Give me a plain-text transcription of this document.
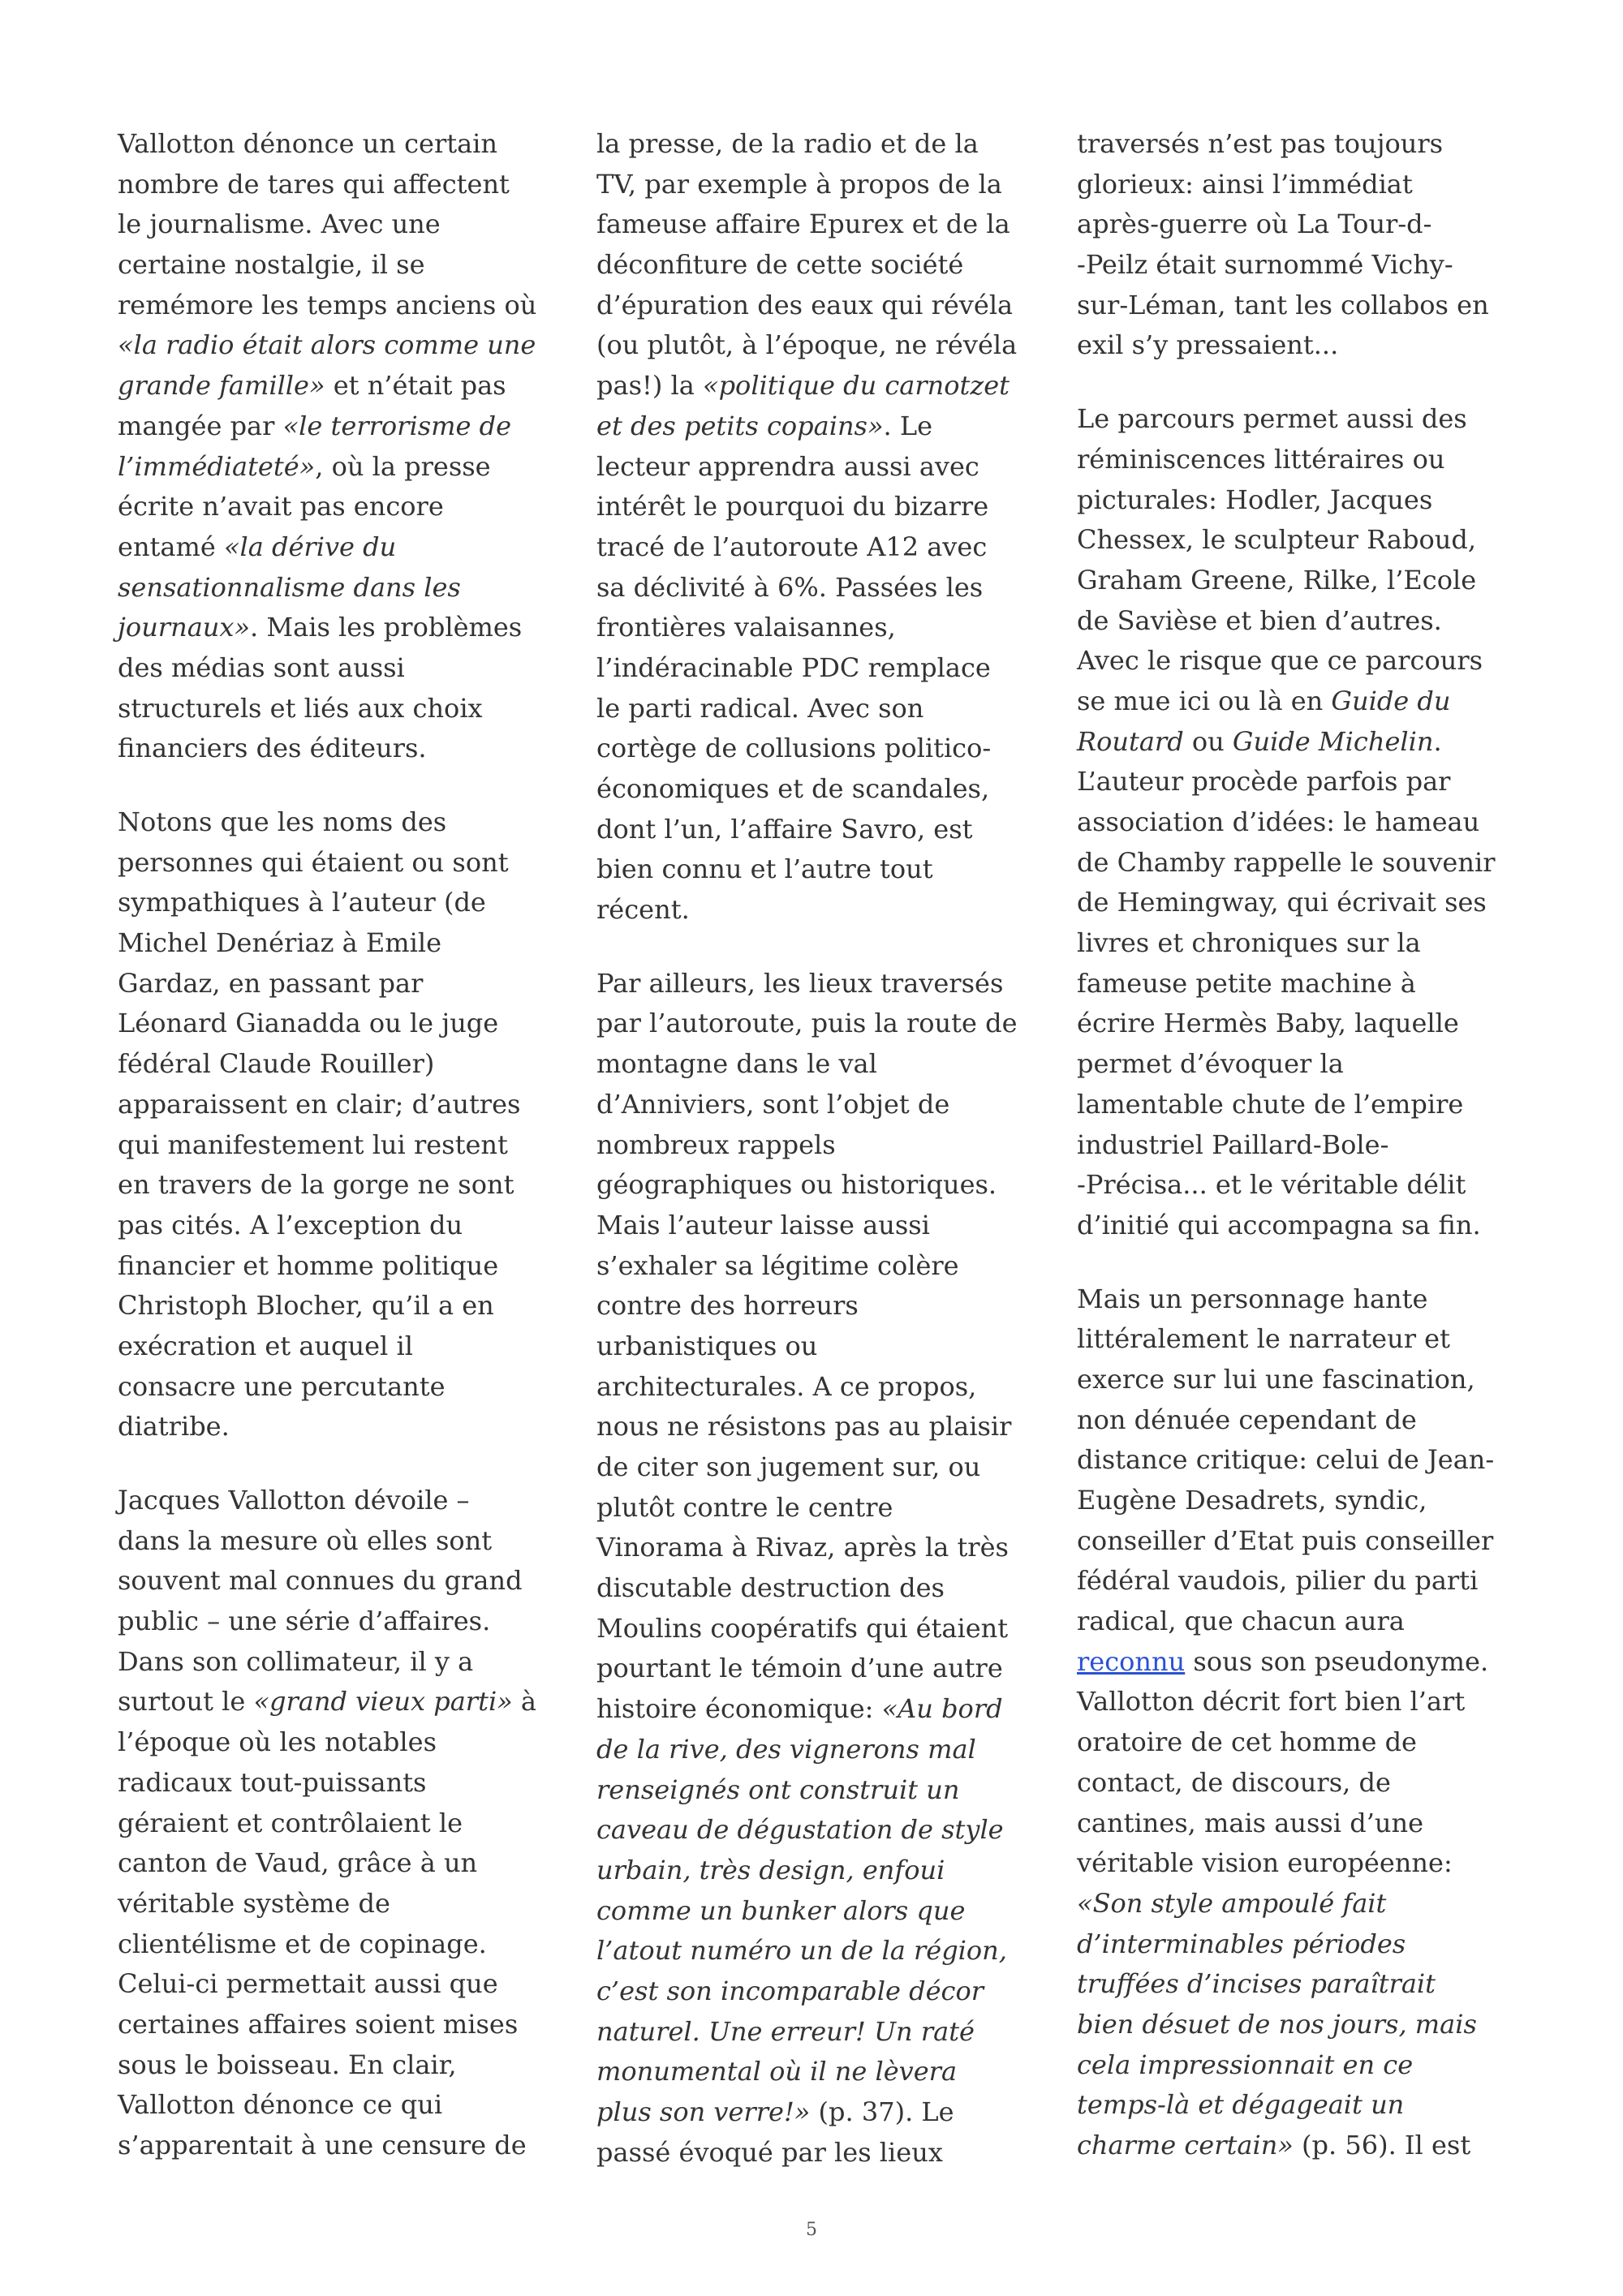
Vallotton dénonce un certain
nombre de tares qui affectent
le journalisme. Avec une
certaine nostalgie, il se
remémore les temps anciens où
«la radio était alors comme une
grande famille» et n’était pas
mangée par «le terrorisme de
l’immédiateté», où la presse
écrite n’avait pas encore
entamé «la dérive du
sensationnalisme dans les
journaux». Mais les problèmes
des médias sont aussi
structurels et liés aux choix
financiers des éditeurs.

Notons que les noms des
personnes qui étaient ou sont
sympathiques à l’auteur (de
Michel Denériaz à Emile
Gardaz, en passant par
Léonard Gianadda ou le juge
fédéral Claude Rouiller)
apparaissent en clair; d’autres
qui manifestement lui restent
en travers de la gorge ne sont
pas cités. A l’exception du
financier et homme politique
Christoph Blocher, qu’il a en
exécration et auquel il
consacre une percutante
diatribe.

Jacques Vallotton dévoile –
dans la mesure où elles sont
souvent mal connues du grand
public – une série d’affaires.
Dans son collimateur, il y a
surtout le «grand vieux parti» à
l’époque où les notables
radicaux tout-puissants
géraient et contrôlaient le
canton de Vaud, grâce à un
véritable système de
clientélisme et de copinage.
Celui-ci permettait aussi que
certaines affaires soient mises
sous le boisseau. En clair,
Vallotton dénonce ce qui
s’apparentait à une censure de

la presse, de la radio et de la
TV, par exemple à propos de la
fameuse affaire Epurex et de la
déconfiture de cette société
d’épuration des eaux qui révéla
(ou plutôt, à l’époque, ne révéla
pas!) la «politique du carnotzet
et des petits copains». Le
lecteur apprendra aussi avec
intérêt le pourquoi du bizarre
tracé de l’autoroute A12 avec
sa déclivité à 6%. Passées les
frontières valaisannes,
l’indéracinable PDC remplace
le parti radical. Avec son
cortège de collusions politico-
économiques et de scandales,
dont l’un, l’affaire Savro, est
bien connu et l’autre tout
récent.

Par ailleurs, les lieux traversés
par l’autoroute, puis la route de
montagne dans le val
d’Anniviers, sont l’objet de
nombreux rappels
géographiques ou historiques.
Mais l’auteur laisse aussi
s’exhaler sa légitime colère
contre des horreurs
urbanistiques ou
architecturales. A ce propos,
nous ne résistons pas au plaisir
de citer son jugement sur, ou
plutôt contre le centre
Vinorama à Rivaz, après la très
discutable destruction des
Moulins coopératifs qui étaient
pourtant le témoin d’une autre
histoire économique: «Au bord
de la rive, des vignerons mal
renseignés ont construit un
caveau de dégustation de style
urbain, très design, enfoui
comme un bunker alors que
l’atout numéro un de la région,
c’est son incomparable décor
naturel. Une erreur! Un raté
monumental où il ne lèvera
plus son verre!» (p. 37). Le
passé évoqué par les lieux

traversés n’est pas toujours
glorieux: ainsi l’immédiat
après-guerre où La Tour-d-
-Peilz était surnommé Vichy-
sur-Léman, tant les collabos en
exil s’y pressaient...

Le parcours permet aussi des
réminiscences littéraires ou
picturales: Hodler, Jacques
Chessex, le sculpteur Raboud,
Graham Greene, Rilke, l’Ecole
de Savièse et bien d’autres.
Avec le risque que ce parcours
se mue ici ou là en Guide du
Routard ou Guide Michelin.
L’auteur procède parfois par
association d’idées: le hameau
de Chamby rappelle le souvenir
de Hemingway, qui écrivait ses
livres et chroniques sur la
fameuse petite machine à
écrire Hermès Baby, laquelle
permet d’évoquer la
lamentable chute de l’empire
industriel Paillard-Bole-
-Précisa... et le véritable délit
d’initié qui accompagna sa fin.

Mais un personnage hante
littéralement le narrateur et
exerce sur lui une fascination,
non dénuée cependant de
distance critique: celui de Jean-
Eugène Desadrets, syndic,
conseiller d’Etat puis conseiller
fédéral vaudois, pilier du parti
radical, que chacun aura
reconnu sous son pseudonyme.
Vallotton décrit fort bien l’art
oratoire de cet homme de
contact, de discours, de
cantines, mais aussi d’une
véritable vision européenne:
«Son style ampoulé fait
d’interminables périodes
truffées d’incises paraîtrait
bien désuet de nos jours, mais
cela impressionnait en ce
temps-là et dégageait un
charme certain» (p. 56). Il est

5
